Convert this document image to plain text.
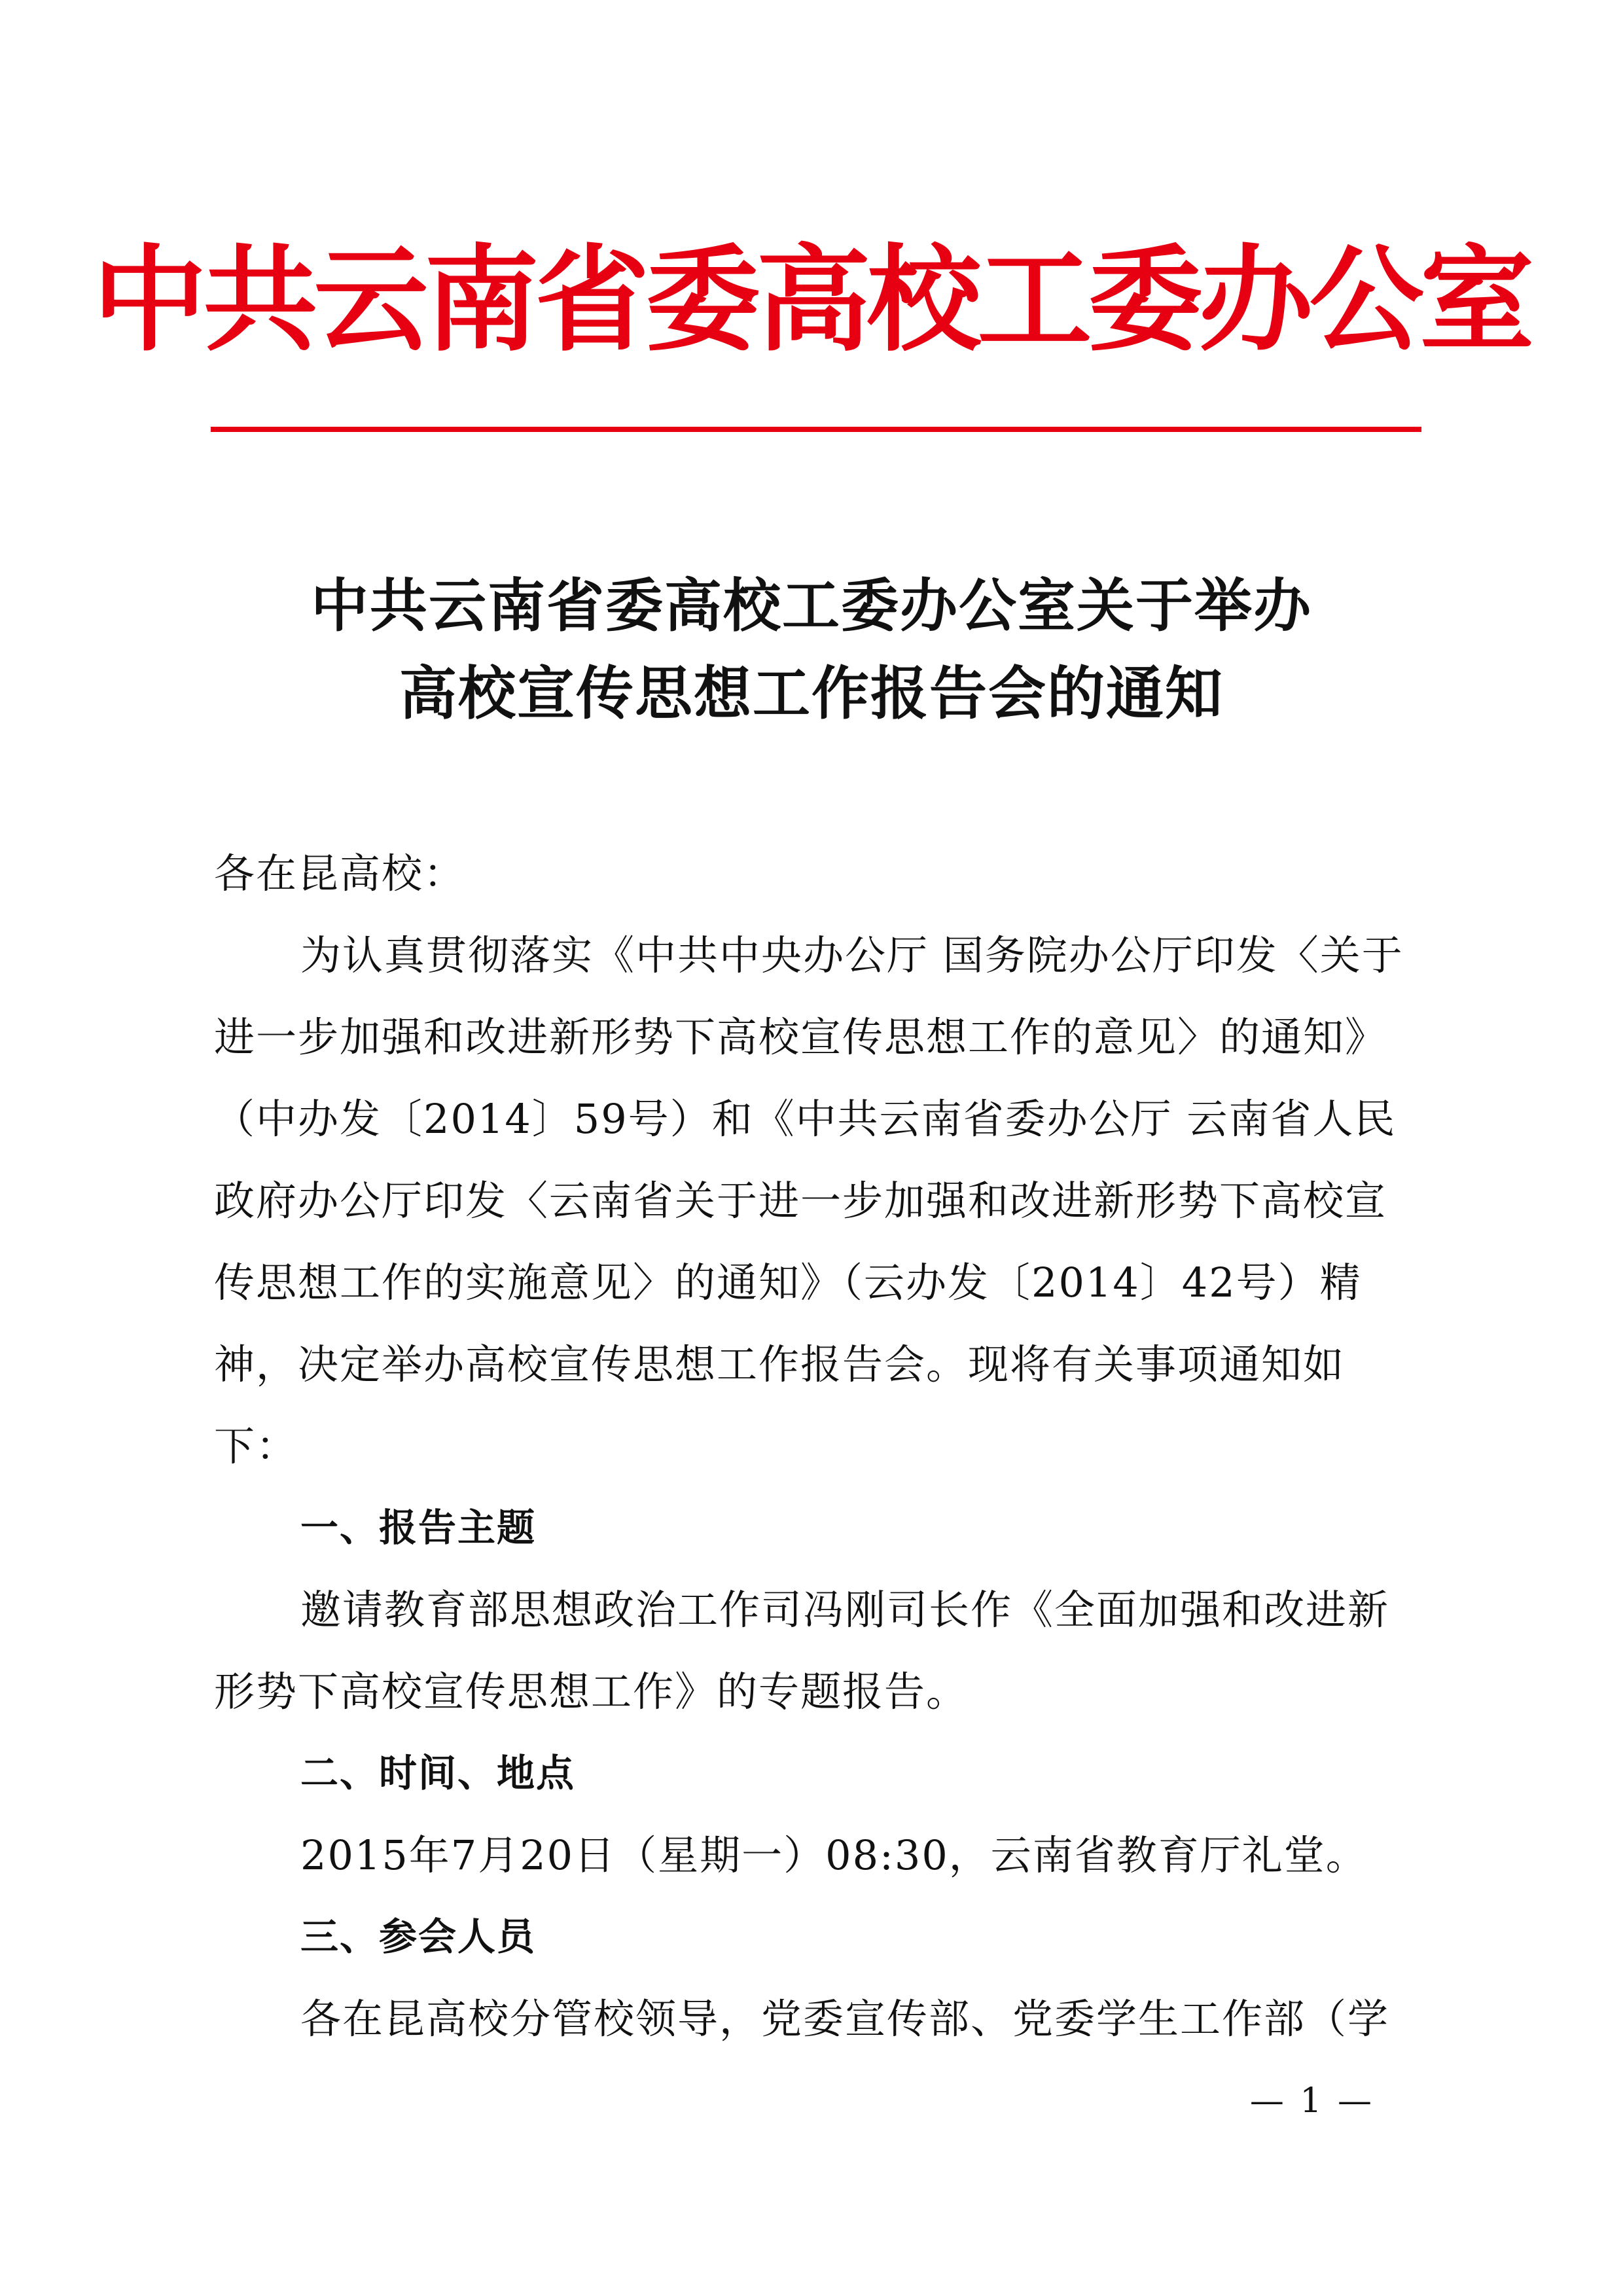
中共云南省委高校工委办公室
中共云南省委高校工委办公室关于举办
高校宣传思想工作报告会的通知
各在昆高校：

为认真贯彻落实《中共中央办公厅 国务院办公厅印发〈关于进一步加强和改进新形势下高校宣传思想工作的意见〉的通知》（中办发〔2014〕59号）和《中共云南省委办公厅 云南省人民政府办公厅印发〈云南省关于进一步加强和改进新形势下高校宣传思想工作的实施意见〉的通知》（云办发〔2014〕42号）精神，决定举办高校宣传思想工作报告会。现将有关事项通知如下：

一、报告主题

邀请教育部思想政治工作司冯刚司长作《全面加强和改进新形势下高校宣传思想工作》的专题报告。

二、时间、地点

2015年7月20日（星期一）08:30，云南省教育厅礼堂。

三、参会人员

各在昆高校分管校领导，党委宣传部、党委学生工作部（学

— 1 —
